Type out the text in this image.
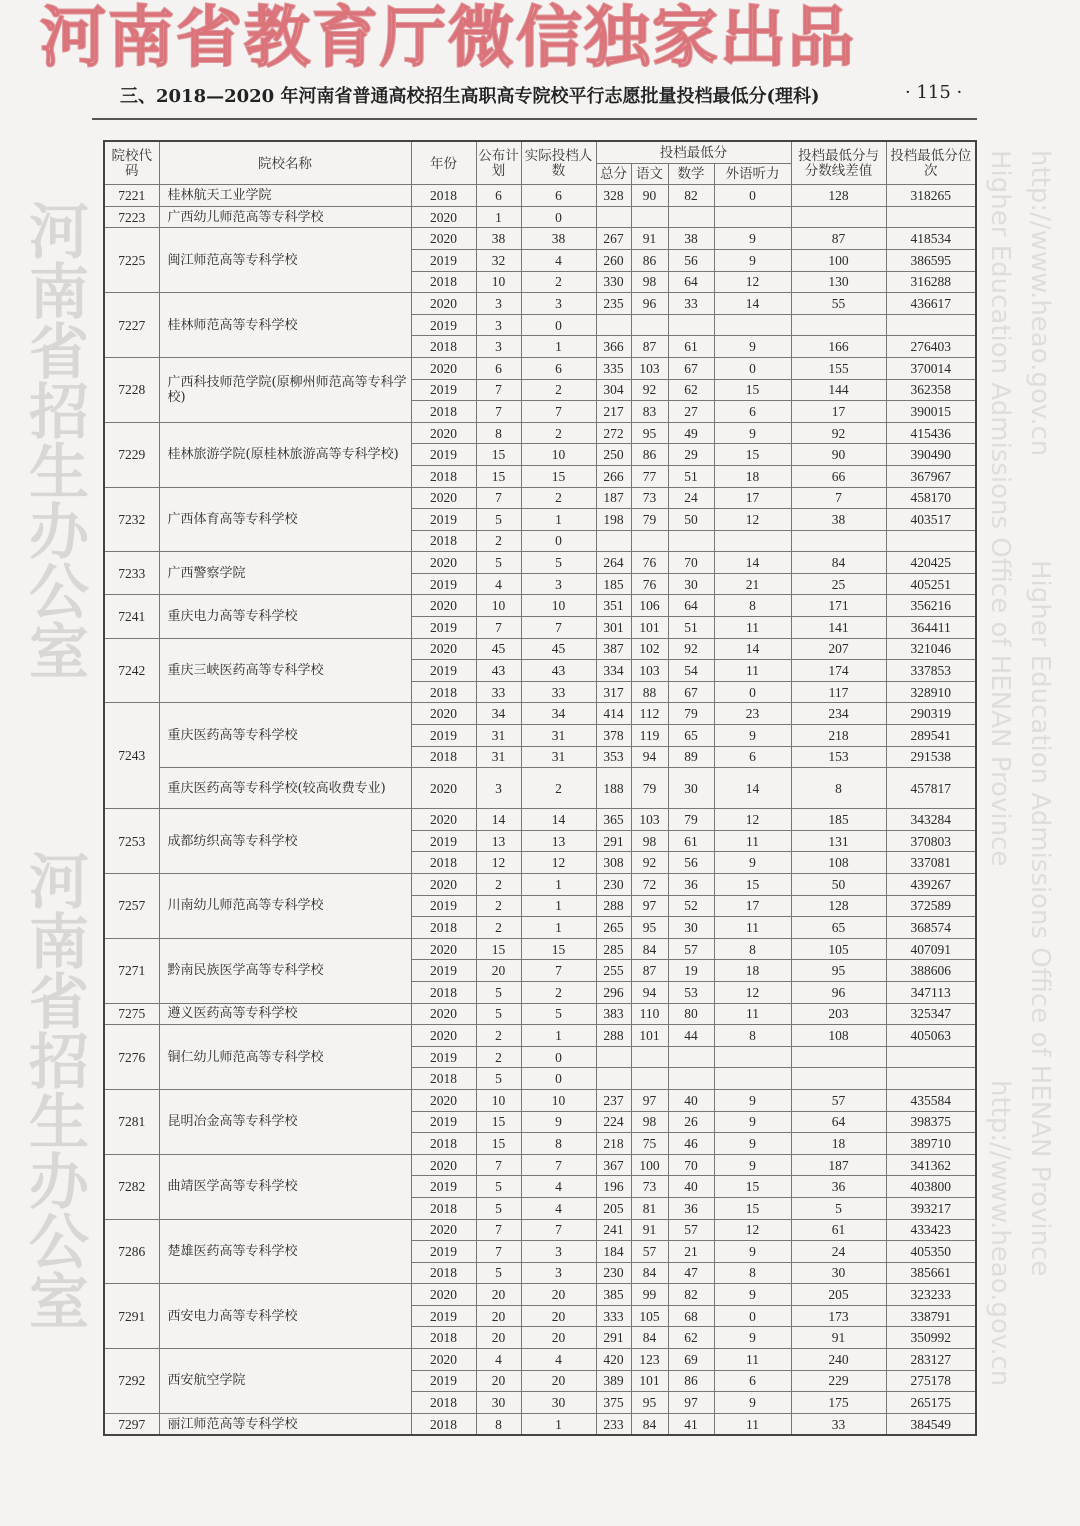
河南省教育厅微信独家出品
三、2018—2020 年河南省普通高校招生高职高专院校平行志愿批量投档最低分(理科)	· 115 ·
院校代码	院校名称	年份	公布计划	实际投档人数	投档最低分				投档最低分与分数线差值	投档最低分位次
					总分	语文	数学	外语听力		
7221	桂林航天工业学院	2018	6	6	328	90	82	0	128	318265
7223	广西幼儿师范高等专科学校	2020	1	0						
7225	闽江师范高等专科学校	2020	38	38	267	91	38	9	87	418534
		2019	32	4	260	86	56	9	100	386595
		2018	10	2	330	98	64	12	130	316288
7227	桂林师范高等专科学校	2020	3	3	235	96	33	14	55	436617
		2019	3	0						
		2018	3	1	366	87	61	9	166	276403
7228	广西科技师范学院(原柳州师范高等专科学校)	2020	6	6	335	103	67	0	155	370014
		2019	7	2	304	92	62	15	144	362358
		2018	7	7	217	83	27	6	17	390015
7229	桂林旅游学院(原桂林旅游高等专科学校)	2020	8	2	272	95	49	9	92	415436
		2019	15	10	250	86	29	15	90	390490
		2018	15	15	266	77	51	18	66	367967
7232	广西体育高等专科学校	2020	7	2	187	73	24	17	7	458170
		2019	5	1	198	79	50	12	38	403517
		2018	2	0						
7233	广西警察学院	2020	5	5	264	76	70	14	84	420425
		2019	4	3	185	76	30	21	25	405251
7241	重庆电力高等专科学校	2020	10	10	351	106	64	8	171	356216
		2019	7	7	301	101	51	11	141	364411
7242	重庆三峡医药高等专科学校	2020	45	45	387	102	92	14	207	321046
		2019	43	43	334	103	54	11	174	337853
		2018	33	33	317	88	67	0	117	328910
7243	重庆医药高等专科学校	2020	34	34	414	112	79	23	234	290319
		2019	31	31	378	119	65	9	218	289541
		2018	31	31	353	94	89	6	153	291538
	重庆医药高等专科学校(较高收费专业)	2020	3	2	188	79	30	14	8	457817
7253	成都纺织高等专科学校	2020	14	14	365	103	79	12	185	343284
		2019	13	13	291	98	61	11	131	370803
		2018	12	12	308	92	56	9	108	337081
7257	川南幼儿师范高等专科学校	2020	2	1	230	72	36	15	50	439267
		2019	2	1	288	97	52	17	128	372589
		2018	2	1	265	95	30	11	65	368574
7271	黔南民族医学高等专科学校	2020	15	15	285	84	57	8	105	407091
		2019	20	7	255	87	19	18	95	388606
		2018	5	2	296	94	53	12	96	347113
7275	遵义医药高等专科学校	2020	5	5	383	110	80	11	203	325347
7276	铜仁幼儿师范高等专科学校	2020	2	1	288	101	44	8	108	405063
		2019	2	0						
		2018	5	0						
7281	昆明冶金高等专科学校	2020	10	10	237	97	40	9	57	435584
		2019	15	9	224	98	26	9	64	398375
		2018	15	8	218	75	46	9	18	389710
7282	曲靖医学高等专科学校	2020	7	7	367	100	70	9	187	341362
		2019	5	4	196	73	40	15	36	403800
		2018	5	4	205	81	36	15	5	393217
7286	楚雄医药高等专科学校	2020	7	7	241	91	57	12	61	433423
		2019	7	3	184	57	21	9	24	405350
		2018	5	3	230	84	47	8	30	385661
7291	西安电力高等专科学校	2020	20	20	385	99	82	9	205	323233
		2019	20	20	333	105	68	0	173	338791
		2018	20	20	291	84	62	9	91	350992
7292	西安航空学院	2020	4	4	420	123	69	11	240	283127
		2019	20	20	389	101	86	6	229	275178
		2018	30	30	375	95	97	9	175	265175
7297	丽江师范高等专科学校	2018	8	1	233	84	41	11	33	384549
河南省招生办公室
河南省招生办公室
Higher Education Admissions Office of HENAN Province http://www.heao.gov.cn
Higher Education Admissions Office of HENAN Province
http://www.heao.gov.cn
